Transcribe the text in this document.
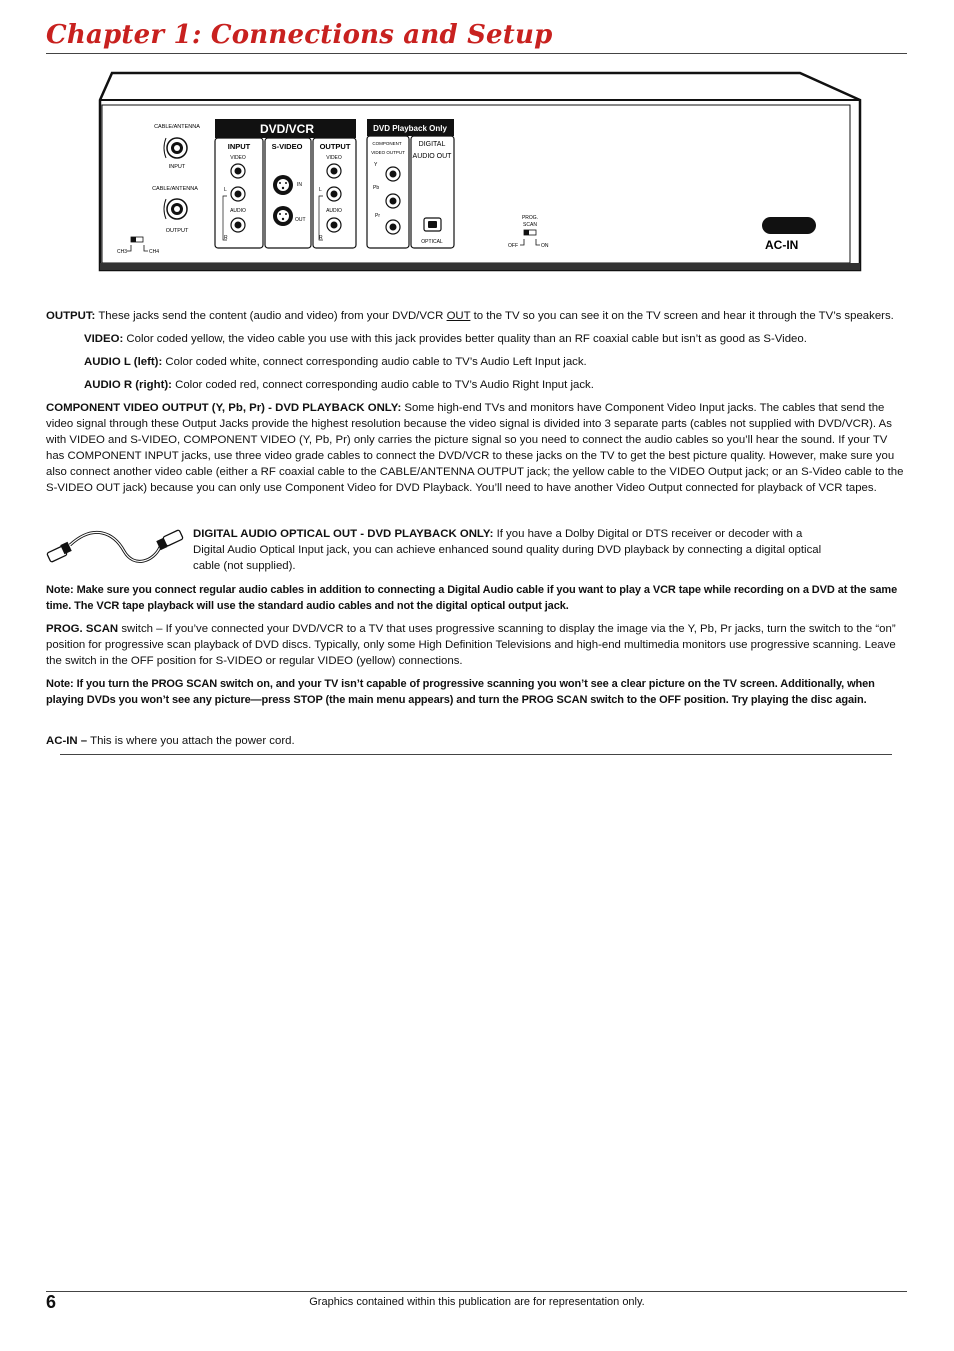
Chapter 1: Connections and Setup
CABLE/ANTENNA
INPUT
CABLE/ANTENNA
OUTPUT
CH3	CH4
DVD/VCR
INPUT	S-VIDEO OUTPUT
VIDEO
L
AUDIO
R
IN
OUT
VIDEO
L
AUDIO
R
DVD Playback Only
COMPONENT
VIDEO OUTPUT
Y
Pb
Pr
DIGITAL
AUDIO OUT
OPTICAL
PROG.
SCAN
OFF	ON	AC-IN

OUTPUT: These jacks send the content (audio and video) from your DVD/VCR OUT to the TV so you can see it on the TV screen and hear it through the TV’s speakers.

VIDEO: Color coded yellow, the video cable you use with this jack provides better quality than an RF coaxial cable but isn’t as good as S-Video.

AUDIO L (left): Color coded white, connect corresponding audio cable to TV’s Audio Left Input jack.

AUDIO R (right): Color coded red, connect corresponding audio cable to TV’s Audio Right Input jack.

COMPONENT VIDEO OUTPUT (Y, Pb, Pr) - DVD PLAYBACK ONLY: Some high-end TVs and monitors have Component Video Input jacks. The cables that send the video signal through these Output Jacks provide the highest resolution because the video signal is divided into 3 separate parts (cables not supplied with DVD/VCR). As with VIDEO and S-VIDEO, COMPONENT VIDEO (Y, Pb, Pr) only carries the picture signal so you need to connect the audio cables so you’ll hear the sound. If your TV has COMPONENT INPUT jacks, use three video grade cables to connect the DVD/VCR to these jacks on the TV to get the best picture quality. However, make sure you also connect another video cable (either a RF coaxial cable to the CABLE/ANTENNA OUTPUT jack; the yellow cable to the VIDEO Output jack; or an S-Video cable to the S-VIDEO OUT jack) because you can only use Component Video for DVD Playback. You’ll need to have another Video Output connected for playback of VCR tapes.

DIGITAL AUDIO OPTICAL OUT - DVD PLAYBACK ONLY: If you have a Dolby Digital or DTS receiver or decoder with a Digital Audio Optical Input jack, you can achieve enhanced sound quality during DVD playback by connecting a digital optical cable (not supplied).

Note: Make sure you connect regular audio cables in addition to connecting a Digital Audio cable if you want to play a VCR tape while recording on a DVD at the same time. The VCR tape playback will use the standard audio cables and not the digital optical output jack.

PROG. SCAN switch – If you’ve connected your DVD/VCR to a TV that uses progressive scanning to display the image via the Y, Pb, Pr jacks, turn the switch to the “on” position for progressive scan playback of DVD discs. Typically, only some High Definition Televisions and high-end multimedia monitors use progressive scanning. Leave the switch in the OFF position for S-VIDEO or regular VIDEO (yellow) connections.

Note: If you turn the PROG SCAN switch on, and your TV isn’t capable of progressive scanning you won’t see a clear picture on the TV screen. Additionally, when playing DVDs you won’t see any picture—press STOP (the main menu appears) and turn the PROG SCAN switch to the OFF position. Try playing the disc again.

AC-IN – This is where you attach the power cord.

6	Graphics contained within this publication are for representation only.
